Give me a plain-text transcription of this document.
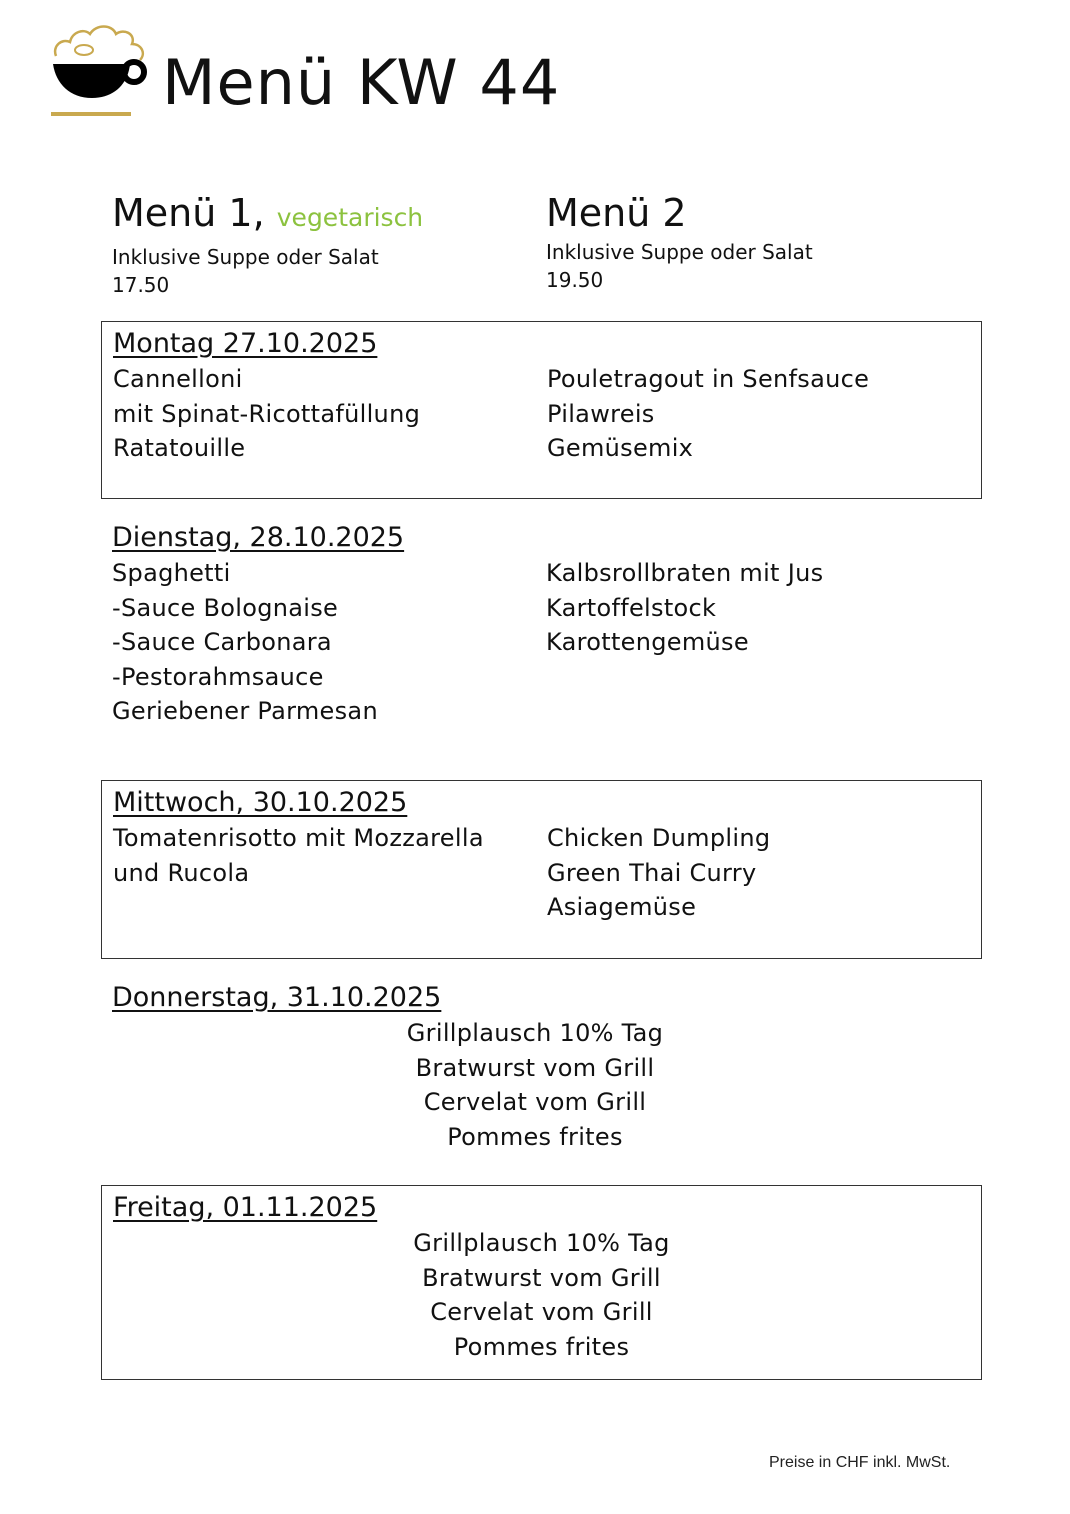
Menü KW 44
Menü 1, vegetarisch
Inklusive Suppe oder Salat
17.50
Menü 2
Inklusive Suppe oder Salat
19.50
Montag 27.10.2025
Cannelloni
mit Spinat-Ricottafüllung
Ratatouille
Pouletragout in Senfsauce
Pilawreis
Gemüsemix
Dienstag, 28.10.2025
Spaghetti
-Sauce Bolognaise
-Sauce Carbonara
-Pestorahmsauce
Geriebener Parmesan
Kalbsrollbraten mit Jus
Kartoffelstock
Karottengemüse
Mittwoch, 30.10.2025
Tomatenrisotto mit Mozzarella
und Rucola
Chicken Dumpling
Green Thai Curry
Asiagemüse
Donnerstag, 31.10.2025
Grillplausch 10% Tag
Bratwurst vom Grill
Cervelat vom Grill
Pommes frites
Freitag, 01.11.2025
Grillplausch 10% Tag
Bratwurst vom Grill
Cervelat vom Grill
Pommes frites
Preise in CHF inkl. MwSt.
